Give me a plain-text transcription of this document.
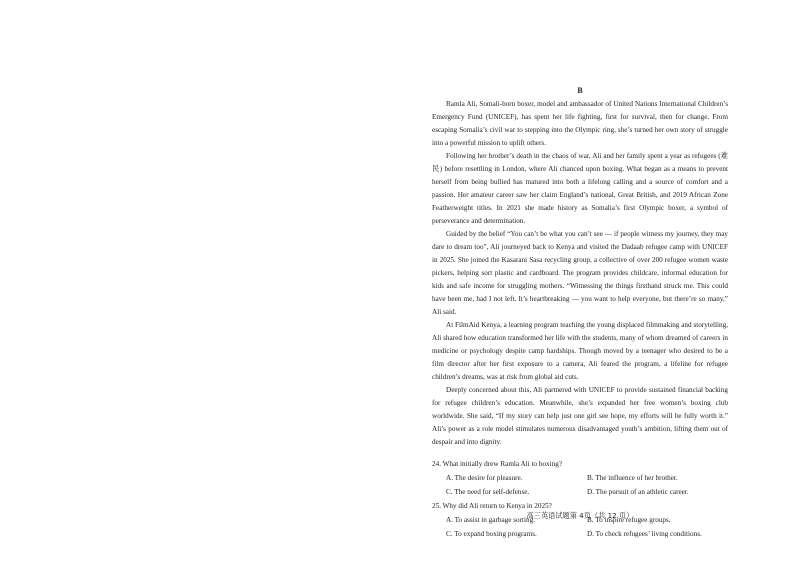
B

Ramla Ali, Somali-born boxer, model and ambassador of United Nations International Children’s Emergency Fund (UNICEF), has spent her life fighting, first for survival, then for change. From escaping Somalia’s civil war to stepping into the Olympic ring, she’s turned her own story of struggle into a powerful mission to uplift others.

Following her brother’s death in the chaos of war, Ali and her family spent a year as refugees (难民) before resettling in London, where Ali chanced upon boxing. What began as a means to prevent herself from being bullied has matured into both a lifelong calling and a source of comfort and a passion. Her amateur career saw her claim England’s national, Great British, and 2019 African Zone Featherweight titles. In 2021 she made history as Somalia’s first Olympic boxer, a symbol of perseverance and determination.

Guided by the belief “You can’t be what you can’t see — if people witness my journey, they may dare to dream too”, Ali journeyed back to Kenya and visited the Dadaab refugee camp with UNICEF in 2025. She joined the Kasarani Sasa recycling group, a collective of over 200 refugee women waste pickers, helping sort plastic and cardboard. The program provides childcare, informal education for kids and safe income for struggling mothers. “Witnessing the things firsthand struck me. This could have been me, had I not left. It’s heartbreaking — you want to help everyone, but there’re so many,” Ali said.

At FilmAid Kenya, a learning program teaching the young displaced filmmaking and storytelling, Ali shared how education transformed her life with the students, many of whom dreamed of careers in medicine or psychology despite camp hardships. Though moved by a teenager who desired to be a film director after her first exposure to a camera, Ali feared the program, a lifeline for refugee children’s dreams, was at risk from global aid cuts.

Deeply concerned about this, Ali partnered with UNICEF to provide sustained financial backing for refugee children’s education. Meanwhile, she’s expanded her free women’s boxing club worldwide. She said, “If my story can help just one girl see hope, my efforts will be fully worth it.” Ali’s power as a role model stimulates numerous disadvantaged youth’s ambition, lifting them out of despair and into dignity.

24. What initially drew Ramla Ali to boxing?

A. The desire for pleasure.	B. The influence of her brother.
C. The need for self-defense.	D. The pursuit of an athletic career.

25. Why did Ali return to Kenya in 2025?

A. To assist in garbage sorting.	B. To inspire refugee groups.
C. To expand boxing programs.	D. To check refugees’ living conditions.
高三英语试题第 4页（共 12 页）
